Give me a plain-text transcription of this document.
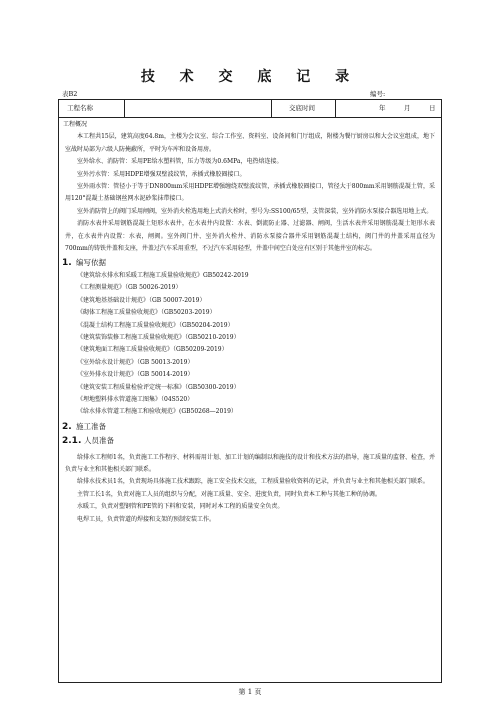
技 术 交 底 记 录
表B2	编号:
工程名称	交底时间	年	月	日

工程概况

本工程共15层，建筑高度64.8m，主楼为会议室、综合工作室、资料室、设备间和门厅组成，附楼为餐厅厨房以和大会议室组成，地下室战时局部为六级人防掩蔽所，平时为车库和设备用房。

室外给水、消防管：采用PE给水塑料管，压力等级为0.6MPa，电热熔连接。

室外污水管：采用HDPE增强双壁波纹管，承插式橡胶圈接口。

室外雨水管：管径小于等于DN800mm采用HDPE增强缠绕双壁波纹管，承插式橡胶圈接口，管径大于800mm采用钢筋混凝土管，采用120°混凝土基础钢丝网水泥砂浆抹带接口。

室外消防管上的阀门采用闸阀，室外消火栓选用地上式消火栓时，型号为:SS100/65型，支管深装，室外消防水泵接合器选用地上式。

消防水表井采用钢筋混凝土矩形水表井，在水表井内设置：水表、倒流防止器、过滤器、闸阀，生活水表井采用钢筋混凝土矩形水表井，在水表井内设置：水表，闸阀。室外阀门井、室外消火栓井、消防水泵接合器井采用钢筋混凝土结构，阀门井的井盖采用直径为700mm的铸铁井盖和支座，井盖过汽车采用重型，不过汽车采用轻型，井盖中间空白处应有区别于其他井室的标志。

1. 编写依据

《建筑给水排水和采暖工程施工质量验收规范》GB50242-2019

《工程测量规范》（GB 50026-2019）

《建筑地基基础设计规范》（GB 50007-2019）

《砌体工程施工质量验收规范》（GB50203-2019）

《混凝土结构工程施工质量验收规范》（GB50204-2019）

《建筑装饰装修工程施工质量验收规范》（GB50210-2019）

《建筑地面工程施工质量验收规范》（GB50209-2019）

《室外给水设计规范》（GB 50013-2019）

《室外排水设计规范》（GB 50014-2019）

《建筑安装工程质量检验评定统一标准》（GB50300-2019）

《埋地塑料排水管道施工图集》（04S520）

《给水排水管道工程施工和验收规范》(GB50268—2019）

2. 施工准备

2.1. 人员准备

给排水工程师1名，负责施工工作程序、材料需用计划、加工计划的编制以和施技的设计和技术方法的指导，施工质量的监督、检查，并负责与业主和其他相关部门联系。

给排水技术员1名，负责现场具体施工技术跟踪，施工安全技术交底，工程质量验收资料的记录，并负责与业主和其他相关部门联系。

主管工长1名，负责对施工人员的组织与分配，对施工质量、安全、进度负责，同时负责本工种与其他工种的协调。

水暖工，负责对塑钢管和PE管的下料和安装，同时对本工程的质量安全负责。

电焊工员，负责管道的焊接和支架的预制安装工作。

第 1 页
